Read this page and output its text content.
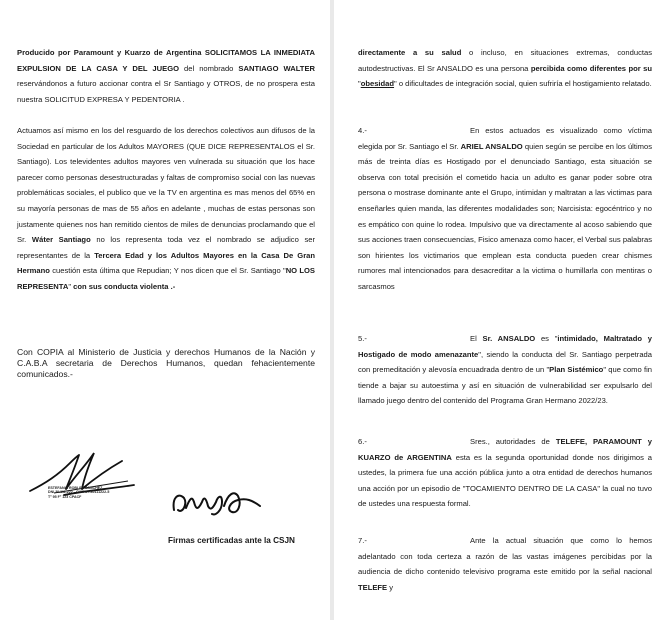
Producido por Paramount y Kuarzo de Argentina SOLICITAMOS LA INMEDIATA EXPULSION DE LA CASA Y DEL JUEGO del nombrado SANTIAGO WALTER reservándonos a futuro accionar contra el Sr Santiago y OTROS, de no prospera esta nuestra SOLICITUD EXPRESA Y PEDENTORIA .

Actuamos así mismo en los del resguardo de los derechos colectivos aun difusos de la Sociedad en particular de los Adultos MAYORES (QUE DICE REPRESENTALOS el Sr. Santiago). Los televidentes adultos mayores ven vulnerada su situación que los hace parecer como personas desestructuradas y faltas de compromiso social con las nuevas problemáticas sociales, el publico que ve la TV en argentina es mas menos del 65% en su mayoría personas de mas de 55 años en adelante , muchas de estas personas son justamente quienes nos han remitido cientos de miles de denuncias proclamando que el Sr. Wáter Santiago no los representa toda vez el nombrado se adjudico ser representantes de la Tercera Edad y los Adultos Mayores en la Casa De Gran Hermano cuestión esta última que Repudian; Y nos dicen que el Sr. Santiago "NO LOS REPRESENTA" con sus conducta violenta .-

Con COPIA al Ministerio de Justicia y derechos Humanos de la Nación y C.A.B.A secretaria de Derechos Humanos, quedan fehacientemente comunicados.-

ESTEFANIA ROBLES SANCHEZ
DNI 30.111.222 - CUIT 27-30111222-5
T° 95 F° 123 CPACF

Firmas certificadas ante la CSJN

directamente a su salud o incluso, en situaciones extremas, conductas autodestructivas. El Sr ANSALDO es una persona percibida como diferentes por su "obesidad" o dificultades de integración social, quien sufriría el hostigamiento relatado.

4.-	En estos actuados es visualizado como víctima elegida por Sr. Santiago el Sr. ARIEL ANSALDO quien según se percibe en los últimos más de treinta días es Hostigado por el denunciado Santiago, esta situación se observa con total precisión el cometido hacia un adulto es ganar poder sobre otra persona o mostrase dominante ante el Grupo, intimidan y maltratan a las victimas para enseñarles quien manda, las diferentes modalidades son; Narcisista: egocéntrico y no es empático con quine lo rodea. Impulsivo que va directamente al acoso sabiendo que sus acciones traen consecuencias, Fisico amenaza como hacer, el Verbal sus palabras son hirientes los victimarios que emplean esta conducta pueden crear chismes rumores mal intencionados para desacreditar a la victima o humillarla con mentiras o sarcasmos

5.-	El Sr. ANSALDO es "intimidado, Maltratado y Hostigado de modo amenazante", siendo la conducta del Sr. Santiago perpetrada con premeditación y alevosía encuadrada dentro de un "Plan Sistémico" que como fin tiende a bajar su autoestima y así en situación de vulnerabilidad ser expulsarlo del llamado juego dentro del contenido del Programa Gran Hermano 2022/23.

6.-	Sres., autoridades de TELEFE, PARAMOUNT y KUARZO de ARGENTINA esta es la segunda oportunidad donde nos dirigimos a ustedes, la primera fue una acción pública junto a otra entidad de derechos humanos una acción por un episodio de "TOCAMIENTO DENTRO DE LA CASA" la cual no tuvo de ustedes una respuesta formal.

7.-	Ante la actual situación que como lo hemos adelantado con toda certeza a razón de las vastas imágenes percibidas por la audiencia de dicho contenido televisivo programa este emitido por la señal nacional TELEFE y
